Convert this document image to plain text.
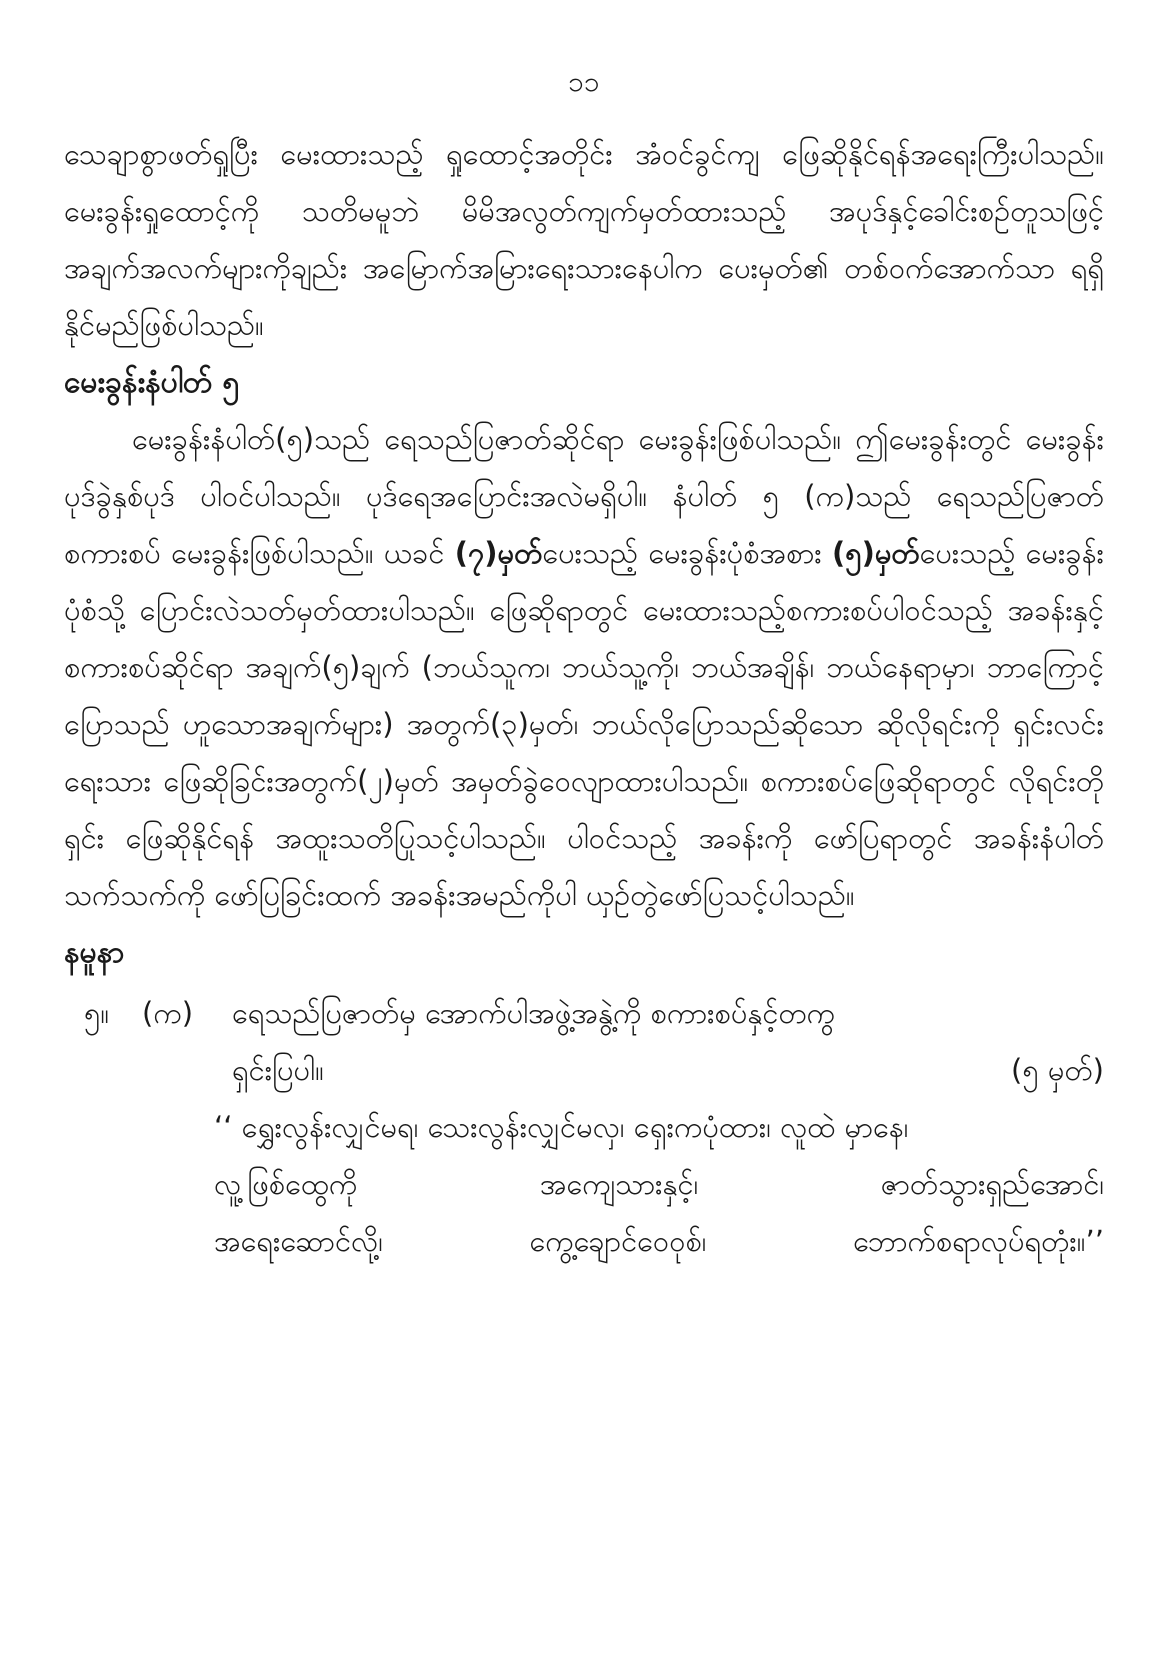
၁၁

သေချာစွာဖတ်ရှုပြီး မေးထားသည့် ရှုထောင့်အတိုင်း အံ၀င်ခွင်ကျ ဖြေဆိုနိုင်ရန်အရေးကြီးပါသည်။ မေးခွန်းရှုထောင့်ကို သတိမမူဘဲ မိမိအလွတ်ကျက်မှတ်ထားသည့် အပုဒ်နှင့်ခေါင်းစဉ်တူသဖြင့် အချက်အလက်များကိုချည်း အမြောက်အမြားရေးသားနေပါက ပေးမှတ်၏ တစ်ဝက်အောက်သာ ရရှိနိုင်မည်ဖြစ်ပါသည်။

မေးခွန်းနံပါတ် ၅

မေးခွန်းနံပါတ်(၅)သည် ရေသည်ပြဇာတ်ဆိုင်ရာ မေးခွန်းဖြစ်ပါသည်။ ဤမေးခွန်းတွင် မေးခွန်း ပုဒ်ခွဲနှစ်ပုဒ် ပါဝင်ပါသည်။ ပုဒ်ရေအပြောင်းအလဲမရှိပါ။ နံပါတ် ၅ (က)သည် ရေသည်ပြဇာတ် စကားစပ် မေးခွန်းဖြစ်ပါသည်။ ယခင် (၇)မှတ်ပေးသည့် မေးခွန်းပုံစံအစား (၅)မှတ်ပေးသည့် မေးခွန်းပုံစံသို့ ပြောင်းလဲသတ်မှတ်ထားပါသည်။ ဖြေဆိုရာတွင် မေးထားသည့်စကားစပ်ပါဝင်သည့် အခန်းနှင့် စကားစပ်ဆိုင်ရာ အချက်(၅)ချက် (ဘယ်သူက၊ ဘယ်သူ့ကို၊ ဘယ်အချိန်၊ ဘယ်နေရာမှာ၊ ဘာကြောင့်ပြောသည် ဟူသောအချက်များ) အတွက်(၃)မှတ်၊ ဘယ်လိုပြောသည်ဆိုသော ဆိုလိုရင်းကို ရှင်းလင်းရေးသား ဖြေဆိုခြင်းအတွက်(၂)မှတ် အမှတ်ခွဲဝေလျာထားပါသည်။ စကားစပ်ဖြေဆိုရာတွင် လိုရင်းတိုရှင်း ဖြေဆိုနိုင်ရန် အထူးသတိပြုသင့်ပါသည်။ ပါဝင်သည့် အခန်းကို ဖော်ပြရာတွင် အခန်းနံပါတ် သက်သက်ကို ဖော်ပြခြင်းထက် အခန်းအမည်ကိုပါ ယှဉ်တွဲဖော်ပြသင့်ပါသည်။

နမူနာ
၅။	(က)	ရေသည်ပြဇာတ်မှ အောက်ပါအဖွဲ့အနွဲ့ကို စကားစပ်နှင့်တကွ
ရှင်းပြပါ။	(၅ မှတ်)
‘‘ ရွှေးလွန်းလျှင်မရ၊ သေးလွန်းလျှင်မလှ၊ ရှေးကပုံထား၊ လူထဲ မှာနေ၊
လူ့ဖြစ်ထွေကို အကျေသားနှင့်၊ ဇာတ်သွားရှည်အောင်၊
အရေးဆောင်လို့၊ ကွေ့ချောင်ဝေဝုစ်၊ ဘောက်စရာလုပ်ရတုံး။’’
